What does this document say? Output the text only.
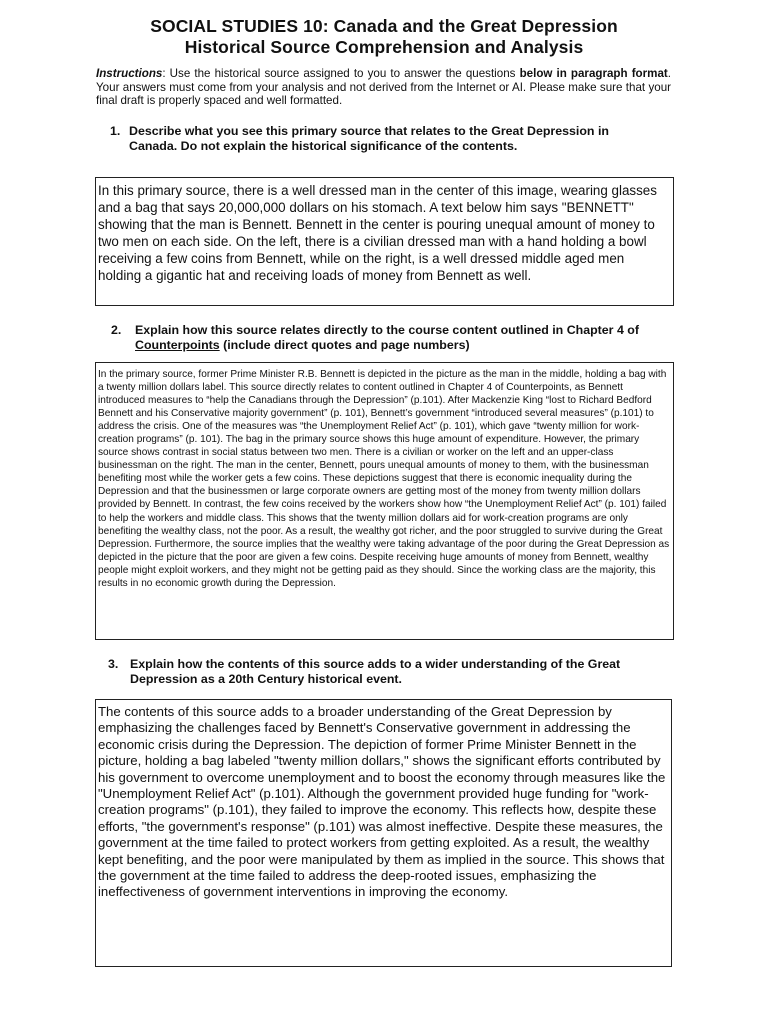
SOCIAL STUDIES 10: Canada and the Great Depression
Historical Source Comprehension and Analysis
Instructions: Use the historical source assigned to you to answer the questions below in paragraph format. Your answers must come from your analysis and not derived from the Internet or AI. Please make sure that your final draft is properly spaced and well formatted.
1. Describe what you see this primary source that relates to the Great Depression in Canada. Do not explain the historical significance of the contents.
In this primary source, there is a well dressed man in the center of this image, wearing glasses and a bag that says 20,000,000 dollars on his stomach. A text below him says "BENNETT" showing that the man is Bennett. Bennett in the center is pouring unequal amount of money to two men on each side. On the left, there is a civilian dressed man with a hand holding a bowl receiving a few coins from Bennett, while on the right, is a well dressed middle aged men holding a gigantic hat and receiving loads of money from Bennett as well.
2.	Explain how this source relates directly to the course content outlined in Chapter 4 of Counterpoints (include direct quotes and page numbers)
In the primary source, former Prime Minister R.B. Bennett is depicted in the picture as the man in the middle, holding a bag with a twenty million dollars label. This source directly relates to content outlined in Chapter 4 of Counterpoints, as Bennett introduced measures to “help the Canadians through the Depression” (p.101). After Mackenzie King “lost to Richard Bedford Bennett and his Conservative majority government” (p. 101), Bennett’s government “introduced several measures” (p.101) to address the crisis. One of the measures was “the Unemployment Relief Act” (p. 101), which gave “twenty million for work-creation programs” (p. 101). The bag in the primary source shows this huge amount of expenditure. However, the primary source shows contrast in social status between two men. There is a civilian or worker on the left and an upper-class businessman on the right. The man in the center, Bennett, pours unequal amounts of money to them, with the businessman benefiting most while the worker gets a few coins. These depictions suggest that there is economic inequality during the Depression and that the businessmen or large corporate owners are getting most of the money from twenty million dollars provided by Bennett. In contrast, the few coins received by the workers show how “the Unemployment Relief Act” (p. 101) failed to help the workers and middle class. This shows that the twenty million dollars aid for work-creation programs are only benefiting the wealthy class, not the poor. As a result, the wealthy got richer, and the poor struggled to survive during the Great Depression. Furthermore, the source implies that the wealthy were taking advantage of the poor during the Great Depression as depicted in the picture that the poor are given a few coins. Despite receiving huge amounts of money from Bennett, wealthy people might exploit workers, and they might not be getting paid as they should. Since the working class are the majority, this results in no economic growth during the Depression.
3. Explain how the contents of this source adds to a wider understanding of the Great Depression as a 20th Century historical event.
The contents of this source adds to a broader understanding of the Great Depression by emphasizing the challenges faced by Bennett's Conservative government in addressing the economic crisis during the Depression. The depiction of former Prime Minister Bennett in the picture, holding a bag labeled "twenty million dollars," shows the significant efforts contributed by his government to overcome unemployment and to boost the economy through measures like the "Unemployment Relief Act" (p.101). Although the government provided huge funding for "work-creation programs" (p.101), they failed to improve the economy. This reflects how, despite these efforts, "the government's response" (p.101) was almost ineffective. Despite these measures, the government at the time failed to protect workers from getting exploited. As a result, the wealthy kept benefiting, and the poor were manipulated by them as implied in the source. This shows that the government at the time failed to address the deep-rooted issues, emphasizing the ineffectiveness of government interventions in improving the economy.
